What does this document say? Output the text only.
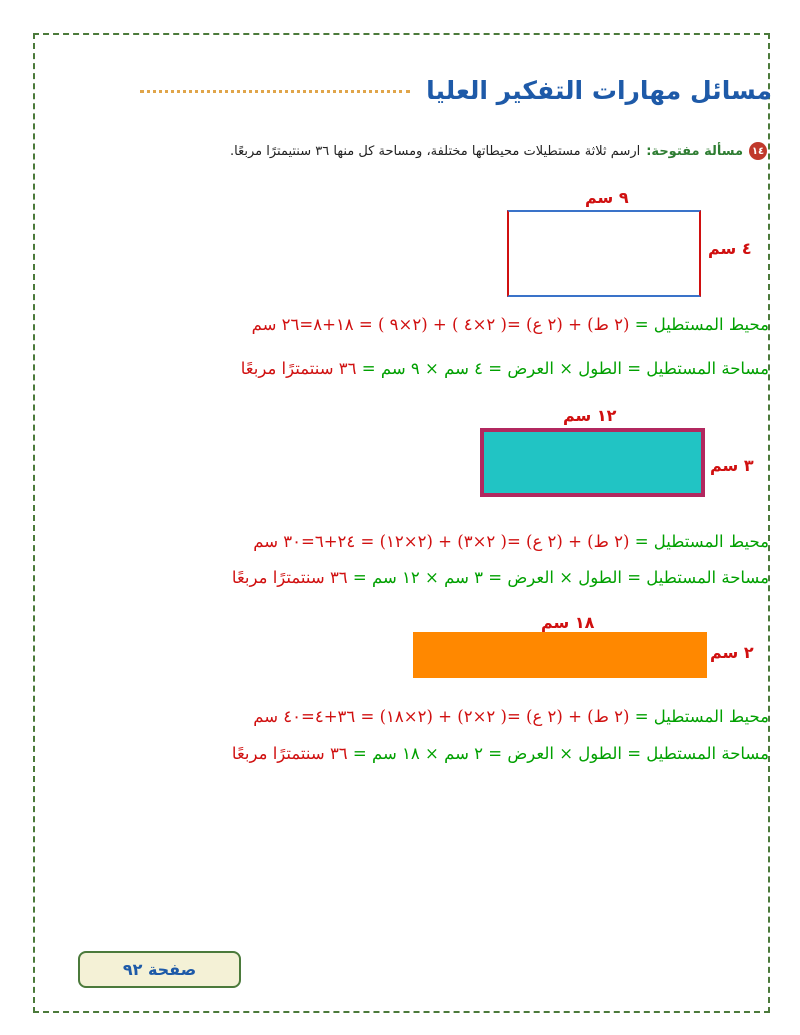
مسائل مهارات التفكير العليا
١٤
مسألة مفتوحة:
ارسم ثلاثة مستطيلات محيطاتها مختلفة، ومساحة كل منها ٣٦ سنتيمترًا مربعًا.
٩ سم
٤ سم
محيط المستطيل = (٢ ط) + (٢ ع) =( ٢×٤ ) + (٢×٩ ) = ١٨+٨=٢٦ سم
مساحة المستطيل = الطول × العرض = ٤ سم × ٩ سم = ٣٦ سنتمترًا مربعًا
١٢ سم
٣ سم
محيط المستطيل = (٢ ط) + (٢ ع) =( ٢×٣) + (٢×١٢) = ٢٤+٦=٣٠ سم
مساحة المستطيل = الطول × العرض = ٣ سم × ١٢ سم = ٣٦ سنتمترًا مربعًا
١٨ سم
٢ سم
محيط المستطيل = (٢ ط) + (٢ ع) =( ٢×٢) + (٢×١٨) = ٣٦+٤=٤٠ سم
مساحة المستطيل = الطول × العرض = ٢ سم × ١٨ سم = ٣٦ سنتمترًا مربعًا
صفحة ٩٢
